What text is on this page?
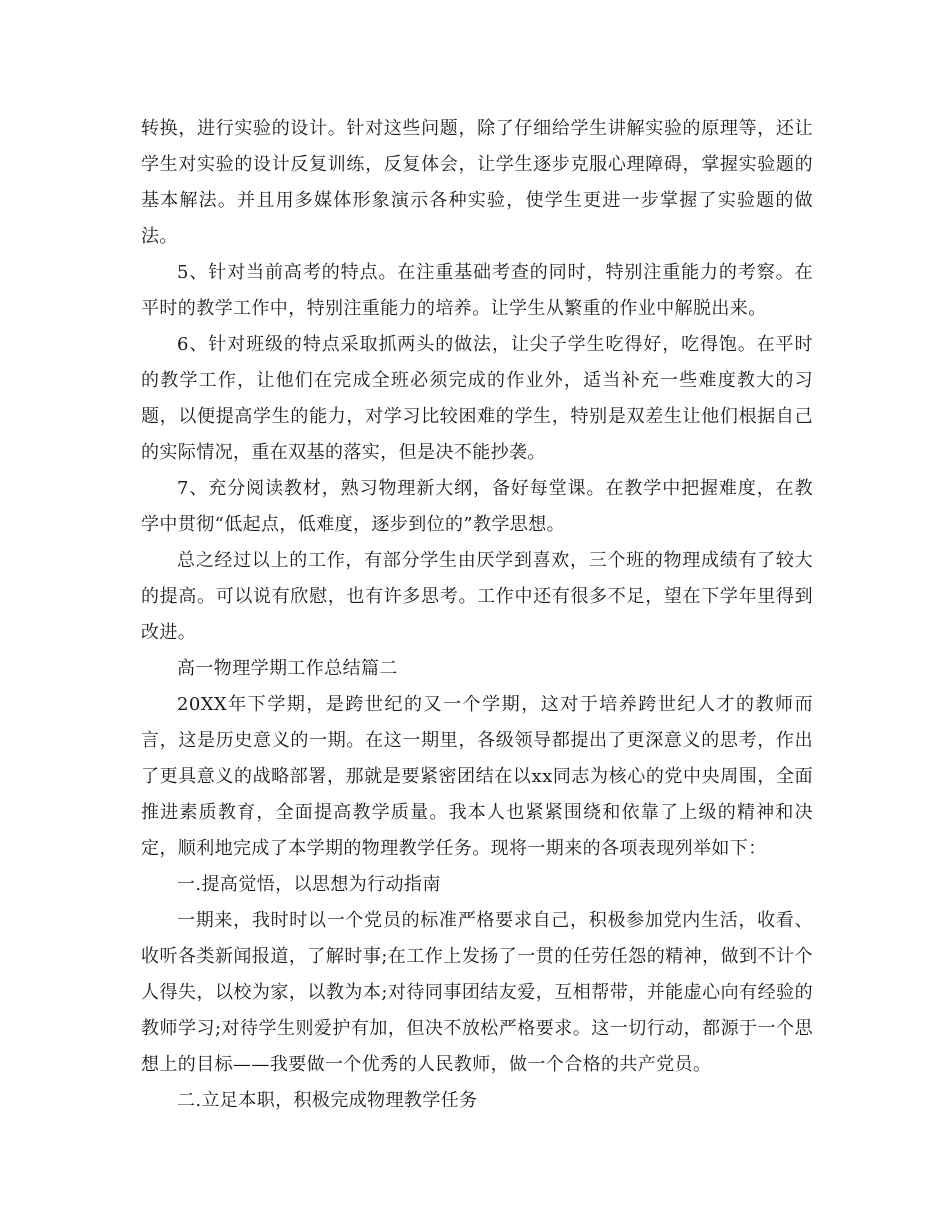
转换，进行实验的设计。针对这些问题，除了仔细给学生讲解实验的原理等，还让学生对实验的设计反复训练，反复体会，让学生逐步克服心理障碍，掌握实验题的基本解法。并且用多媒体形象演示各种实验，使学生更进一步掌握了实验题的做法。

5、针对当前高考的特点。在注重基础考查的同时，特别注重能力的考察。在平时的教学工作中，特别注重能力的培养。让学生从繁重的作业中解脱出来。

6、针对班级的特点采取抓两头的做法，让尖子学生吃得好，吃得饱。在平时的教学工作，让他们在完成全班必须完成的作业外，适当补充一些难度教大的习题，以便提高学生的能力，对学习比较困难的学生，特别是双差生让他们根据自己的实际情况，重在双基的落实，但是决不能抄袭。

7、充分阅读教材，熟习物理新大纲，备好每堂课。在教学中把握难度，在教学中贯彻“低起点，低难度，逐步到位的”教学思想。

总之经过以上的工作，有部分学生由厌学到喜欢，三个班的物理成绩有了较大的提高。可以说有欣慰，也有许多思考。工作中还有很多不足，望在下学年里得到改进。

高一物理学期工作总结篇二

20XX年下学期，是跨世纪的又一个学期，这对于培养跨世纪人才的教师而言，这是历史意义的一期。在这一期里，各级领导都提出了更深意义的思考，作出了更具意义的战略部署，那就是要紧密团结在以xx同志为核心的党中央周围，全面推进素质教育，全面提高教学质量。我本人也紧紧围绕和依靠了上级的精神和决定，顺利地完成了本学期的物理教学任务。现将一期来的各项表现列举如下：

一.提高觉悟，以思想为行动指南

一期来，我时时以一个党员的标准严格要求自己，积极参加党内生活，收看、收听各类新闻报道，了解时事;在工作上发扬了一贯的任劳任怨的精神，做到不计个人得失，以校为家，以教为本;对待同事团结友爱，互相帮带，并能虚心向有经验的教师学习;对待学生则爱护有加，但决不放松严格要求。这一切行动，都源于一个思想上的目标——我要做一个优秀的人民教师，做一个合格的共产党员。

二.立足本职，积极完成物理教学任务
